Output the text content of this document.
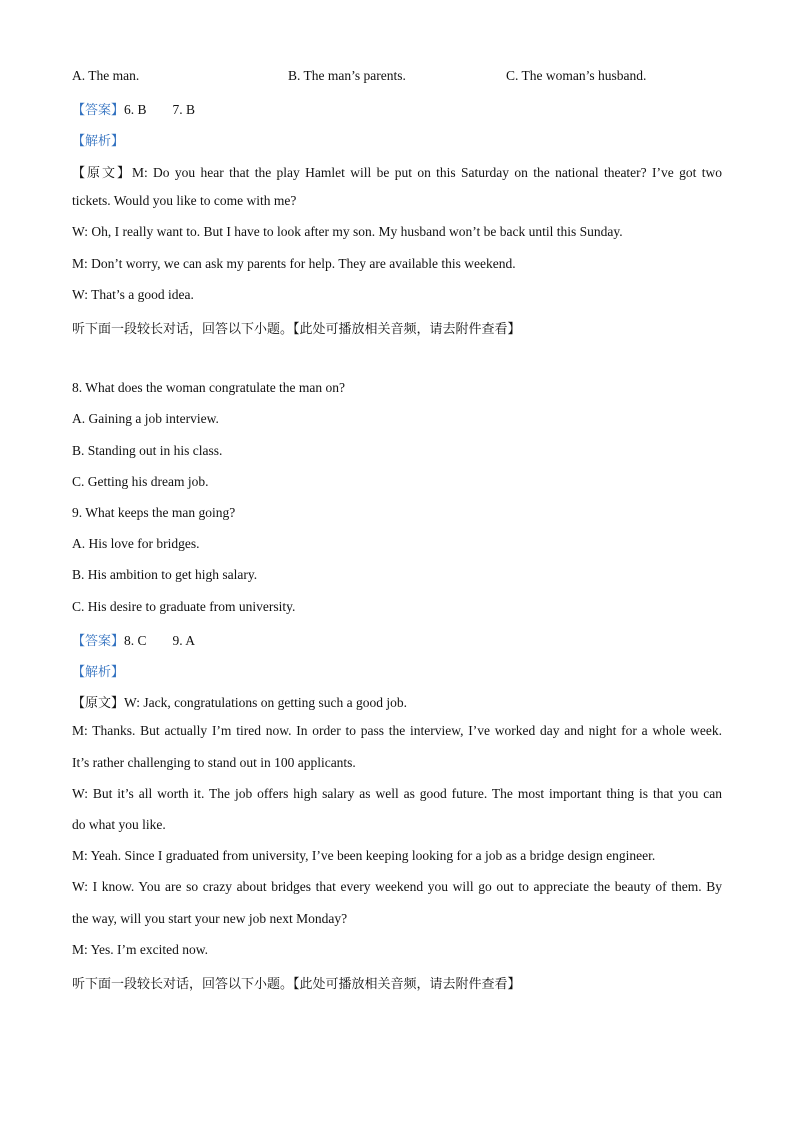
A. The man.	B. The man’s parents.	C. The woman’s husband.
【答案】6. B 7. B
【解析】
【原文】M: Do you hear that the play Hamlet will be put on this Saturday on the national theater? I’ve got two
tickets. Would you like to come with me?
W: Oh, I really want to. But I have to look after my son. My husband won’t be back until this Sunday.
M: Don’t worry, we can ask my parents for help. They are available this weekend.
W: That’s a good idea.
听下面一段较长对话，回答以下小题。【此处可播放相关音频，请去附件查看】
8. What does the woman congratulate the man on?
A. Gaining a job interview.
B. Standing out in his class.
C. Getting his dream job.
9. What keeps the man going?
A. His love for bridges.
B. His ambition to get high salary.
C. His desire to graduate from university.
【答案】8. C 9. A
【解析】
【原文】W: Jack, congratulations on getting such a good job.
M: Thanks. But actually I’m tired now. In order to pass the interview, I’ve worked day and night for a whole week.
It’s rather challenging to stand out in 100 applicants.
W: But it’s all worth it. The job offers high salary as well as good future. The most important thing is that you can
do what you like.
M: Yeah. Since I graduated from university, I’ve been keeping looking for a job as a bridge design engineer.
W: I know. You are so crazy about bridges that every weekend you will go out to appreciate the beauty of them. By
the way, will you start your new job next Monday?
M: Yes. I’m excited now.
听下面一段较长对话，回答以下小题。【此处可播放相关音频，请去附件查看】
